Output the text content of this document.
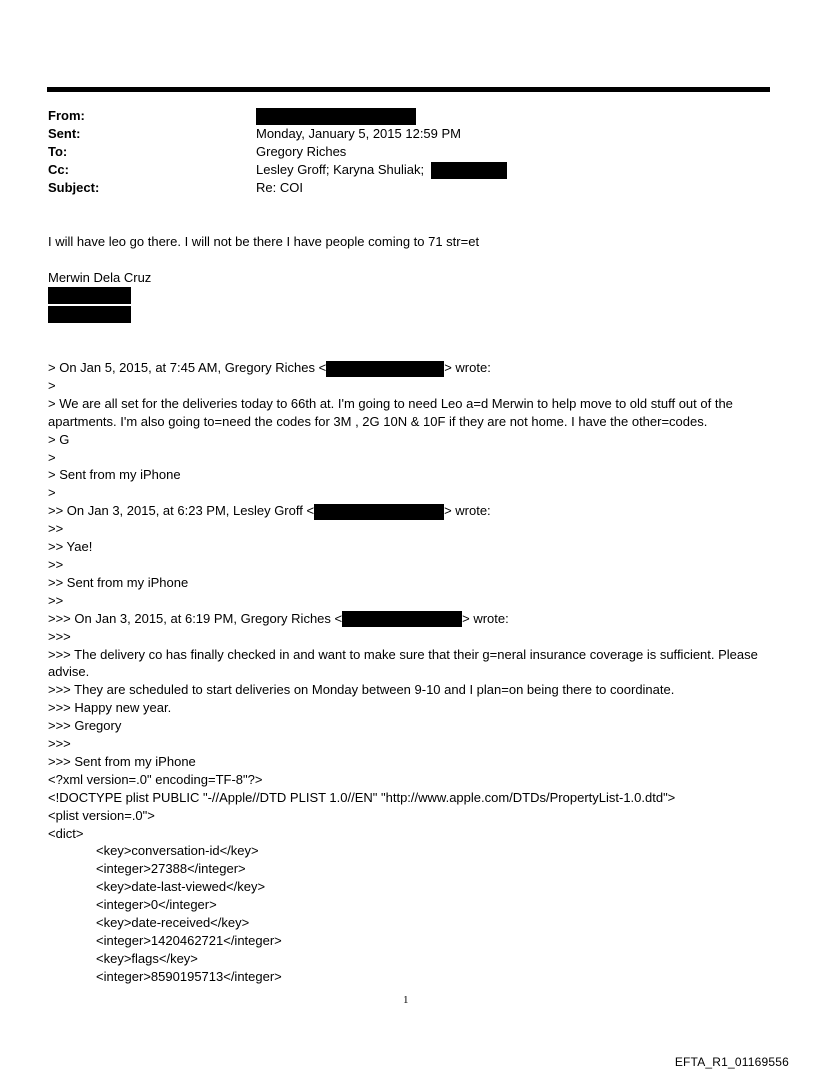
From:
Sent:	Monday, January 5, 2015 12:59 PM
To:	Gregory Riches
Cc:	Lesley Groff; Karyna Shuliak;
Subject:	Re: COI
I will have leo go there. I will not be there I have people coming to 71 str=et
Merwin Dela Cruz
> On Jan 5, 2015, at 7:45 AM, Gregory Riches <	> wrote:
>
> We are all set for the deliveries today to 66th at. I'm going to need Leo a=d Merwin to help move to old stuff out of the apartments. I'm also going to=need the codes for 3M , 2G 10N & 10F if they are not home. I have the other=codes.
> G
>
> Sent from my iPhone
>
>> On Jan 3, 2015, at 6:23 PM, Lesley Groff <	> wrote:
>>
>> Yae!
>>
>> Sent from my iPhone
>>
>>> On Jan 3, 2015, at 6:19 PM, Gregory Riches <	> wrote:
>>>
>>> The delivery co has finally checked in and want to make sure that their g=neral insurance coverage is sufficient. Please advise.
>>> They are scheduled to start deliveries on Monday between 9-10 and I plan=on being there to coordinate.
>>> Happy new year.
>>> Gregory
>>>
>>> Sent from my iPhone
<?xml version=.0" encoding=TF-8"?>
<!DOCTYPE plist PUBLIC "-//Apple//DTD PLIST 1.0//EN" "http://www.apple.com/DTDs/PropertyList-1.0.dtd">
<plist version=.0">
<dict>
<key>conversation-id</key>
<integer>27388</integer>
<key>date-last-viewed</key>
<integer>0</integer>
<key>date-received</key>
<integer>1420462721</integer>
<key>flags</key>
<integer>8590195713</integer>
1
EFTA_R1_01169556
